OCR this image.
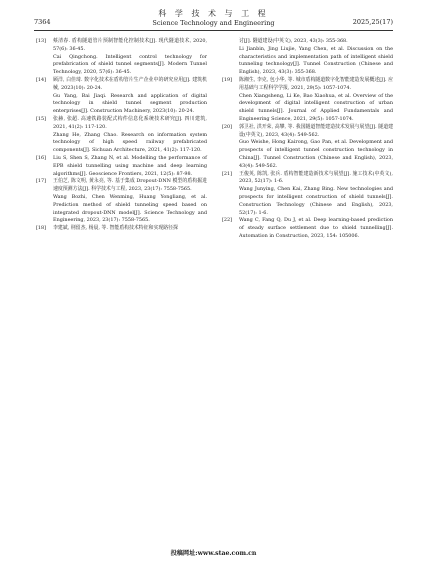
7364
科 学 技 术 与 工 程
Science Technology and Engineering	2025,25(17)
[13]	蔡清春. 盾构隧道管片预制智能化控制技术[J]. 现代隧道技术, 2020, 57(6): 36-45.

Cai Qingchong. Intelligent control technology for prefabrication of shield tunnel segments[J]. Modern Tunnel Technology, 2020, 57(6): 36-45.

[14]	顾洋, 白佳琦. 数字化技术在盾构管片生产企业中的研究应用[J]. 建筑机械, 2023(10): 20-24.

Gu Yang, Bai Jiaqi. Research and application of digital technology in shield tunnel segment production enterprises[J]. Construction Machinery, 2023(10): 20-24.

[15]	张赫, 张超. 高速铁路装配式构件信息化系统技术研究[J]. 四川建筑, 2021, 41(2): 117-120.

Zhang He, Zhang Chao. Research on information system technology of high speed railway prefabricated components[J]. Sichuan Architecture, 2021, 41(2): 117-120.

[16]	Liu S, Shen S, Zhang N, et al. Modelling the performance of EPB shield tunnelling using machine and deep learning algorithms[J]. Geoscience Frontiers, 2021, 12(5): 87-98.

[17]	王伯芝, 陈文明, 黄永亮, 等. 基于集成 Dropout-DNN 模型的盾构掘进速度预测方法[J]. 科学技术与工程, 2023, 23(17): 7558-7565.

Wang Bozhi, Chen Wenming, Huang Yongliang, et al. Prediction method of shield tunneling speed based on integrated dropout-DNN model[J]. Science Technology and Engineering, 2023, 23(17): 7558-7565.

[18]	李建斌, 荆留杰, 杨晨, 等. 智能盾构技术特征和实现路径探

讨[J]. 隧道建设(中英文), 2023, 43(3): 355-368.

Li Jianbin, Jing Liujie, Yang Chen, et al. Discussion on the characteristics and implementation path of intelligent shield tunneling technology[J]. Tunnel Construction (Chinese and English), 2023, 43(3): 355-368.

[19]	陈湘生, 李克, 包小华, 等. 城市盾构隧道数字化智能建造发展概述[J]. 应用基础与工程科学学报, 2021, 29(5): 1057-1074.

Chen Xiangsheng, Li Ke, Bao Xiaohua, et al. Overview of the development of digital intelligent construction of urban shield tunnels[J]. Journal of Applied Fundamentals and Engineering Science, 2021, 29(5): 1057-1074.

[20]	郭卫社, 洪开荣, 高攀, 等. 我国隧道智能建造技术发展与展望[J]. 隧道建设(中英文), 2023, 43(4): 549-562.

Guo Weishe, Hong Kairong, Gao Pan, et al. Development and prospects of intelligent tunnel construction technology in China[J]. Tunnel Construction (Chinese and English), 2023, 43(4): 549-562.

[21]	王俊英, 陈凯, 张兵. 盾构智能建造新技术与展望[J]. 施工技术(中英文), 2023, 52(17): 1-6.

Wang Junying, Chen Kai, Zhang Bing. New technologies and prospects for intelligent construction of shield tunnels[J]. Construction Technology (Chinese and English), 2023, 52(17): 1-6.

[22]	Wang C, Fang Q, Du J, et al. Deep learning-based prediction of steady surface settlement due to shield tunnelling[J]. Automation in Construction, 2023, 154: 105006.

投稿网址:www.stae.com.cn
